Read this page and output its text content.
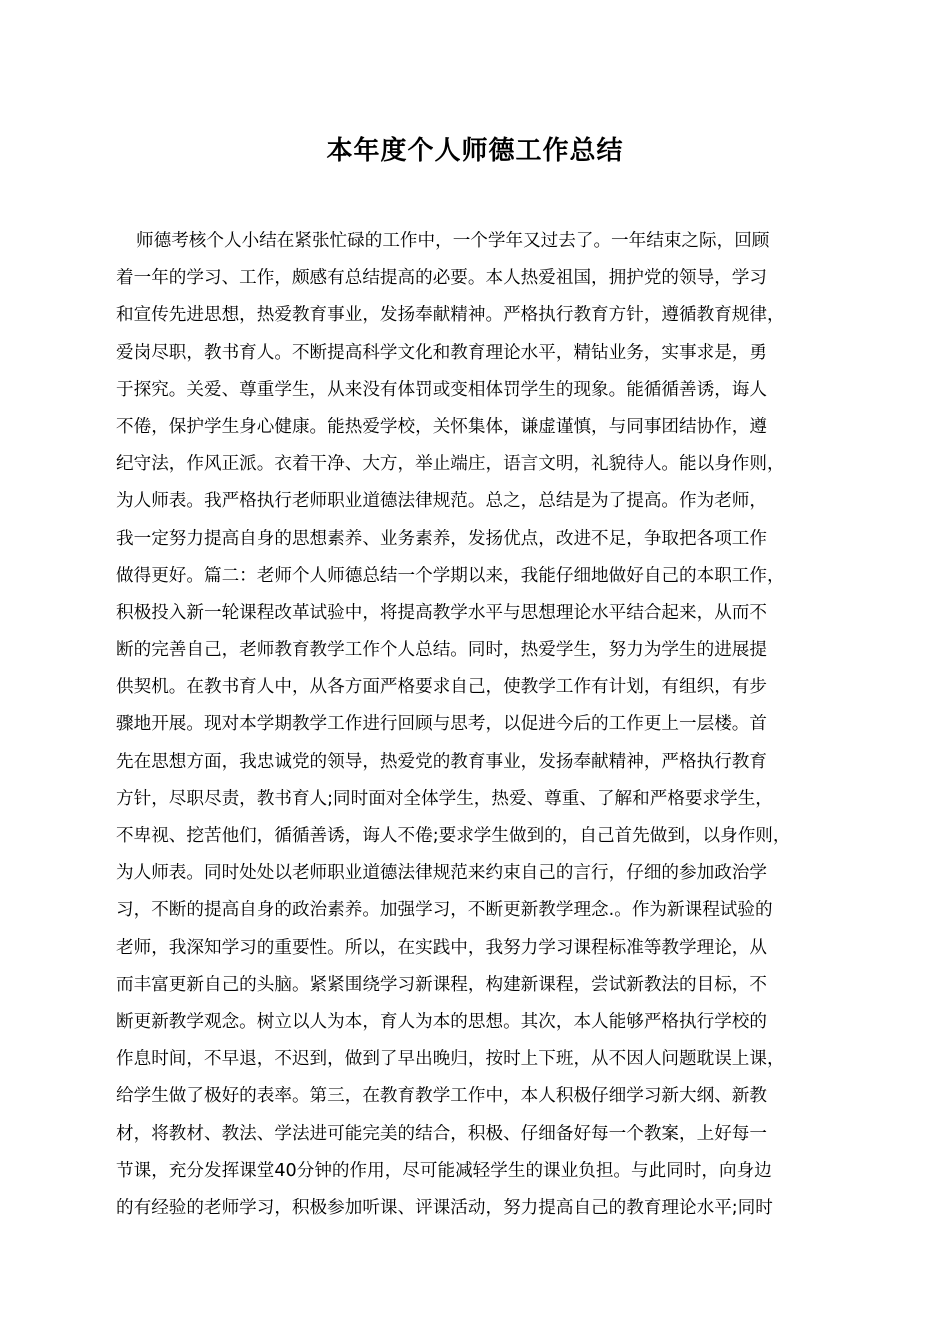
本年度个人师德工作总结
师德考核个人小结在紧张忙碌的工作中，一个学年又过去了。一年结束之际，回顾
着一年的学习、工作，颇感有总结提高的必要。本人热爱祖国，拥护党的领导，学习
和宣传先进思想，热爱教育事业，发扬奉献精神。严格执行教育方针，遵循教育规律，
爱岗尽职，教书育人。不断提高科学文化和教育理论水平，精钻业务，实事求是，勇
于探究。关爱、尊重学生，从来没有体罚或变相体罚学生的现象。能循循善诱，诲人
不倦，保护学生身心健康。能热爱学校，关怀集体，谦虚谨慎，与同事团结协作，遵
纪守法，作风正派。衣着干净、大方，举止端庄，语言文明，礼貌待人。能以身作则，
为人师表。我严格执行老师职业道德法律规范。总之，总结是为了提高。作为老师，
我一定努力提高自身的思想素养、业务素养，发扬优点，改进不足，争取把各项工作
做得更好。篇二：老师个人师德总结一个学期以来，我能仔细地做好自己的本职工作，
积极投入新一轮课程改革试验中，将提高教学水平与思想理论水平结合起来，从而不
断的完善自己，老师教育教学工作个人总结。同时，热爱学生，努力为学生的进展提
供契机。在教书育人中，从各方面严格要求自己，使教学工作有计划，有组织，有步
骤地开展。现对本学期教学工作进行回顾与思考，以促进今后的工作更上一层楼。首
先在思想方面，我忠诚党的领导，热爱党的教育事业，发扬奉献精神，严格执行教育
方针，尽职尽责，教书育人;同时面对全体学生，热爱、尊重、了解和严格要求学生，
不卑视、挖苦他们，循循善诱，诲人不倦;要求学生做到的，自己首先做到，以身作则，
为人师表。同时处处以老师职业道德法律规范来约束自己的言行，仔细的参加政治学
习，不断的提高自身的政治素养。加强学习，不断更新教学理念.。作为新课程试验的
老师，我深知学习的重要性。所以，在实践中，我努力学习课程标准等教学理论，从
而丰富更新自己的头脑。紧紧围绕学习新课程，构建新课程，尝试新教法的目标，不
断更新教学观念。树立以人为本，育人为本的思想。其次，本人能够严格执行学校的
作息时间，不早退，不迟到，做到了早出晚归，按时上下班，从不因人问题耽误上课，
给学生做了极好的表率。第三，在教育教学工作中，本人积极仔细学习新大纲、新教
材，将教材、教法、学法进可能完美的结合，积极、仔细备好每一个教案，上好每一
节课，充分发挥课堂40分钟的作用，尽可能减轻学生的课业负担。与此同时，向身边
的有经验的老师学习，积极参加听课、评课活动，努力提高自己的教育理论水平;同时
